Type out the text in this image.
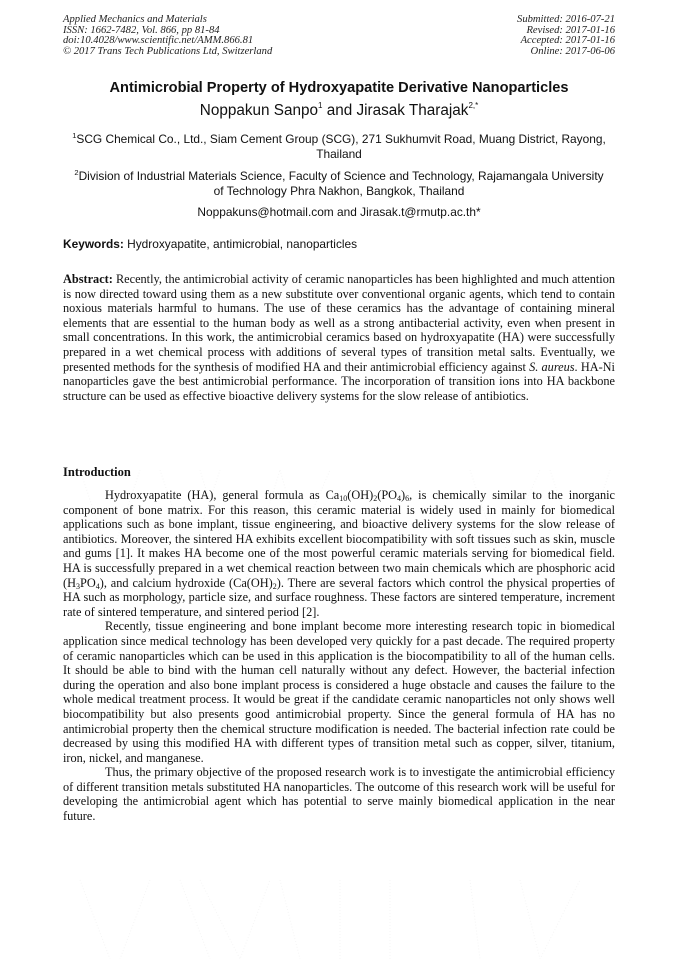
Applied Mechanics and Materials
ISSN: 1662-7482, Vol. 866, pp 81-84
doi:10.4028/www.scientific.net/AMM.866.81
© 2017 Trans Tech Publications Ltd, Switzerland
Submitted: 2016-07-21
Revised: 2017-01-16
Accepted: 2017-01-16
Online: 2017-06-06
Antimicrobial Property of Hydroxyapatite Derivative Nanoparticles
Noppakun Sanpo$^1$ and Jirasak Tharajak$^{2,*}$
$^1$SCG Chemical Co., Ltd., Siam Cement Group (SCG), 271 Sukhumvit Road, Muang District, Rayong, Thailand
$^2$Division of Industrial Materials Science, Faculty of Science and Technology, Rajamangala University of Technology Phra Nakhon, Bangkok, Thailand
Noppakuns@hotmail.com and Jirasak.t@rmutp.ac.th*
Keywords: Hydroxyapatite, antimicrobial, nanoparticles
Abstract: Recently, the antimicrobial activity of ceramic nanoparticles has been highlighted and much attention is now directed toward using them as a new substitute over conventional organic agents, which tend to contain noxious materials harmful to humans. The use of these ceramics has the advantage of containing mineral elements that are essential to the human body as well as a strong antibacterial activity, even when present in small concentrations. In this work, the antimicrobial ceramics based on hydroxyapatite (HA) were successfully prepared in a wet chemical process with additions of several types of transition metal salts. Eventually, we presented methods for the synthesis of modified HA and their antimicrobial efficiency against S. aureus. HA-Ni nanoparticles gave the best antimicrobial performance. The incorporation of transition ions into HA backbone structure can be used as effective bioactive delivery systems for the slow release of antibiotics.
Introduction

Hydroxyapatite (HA), general formula as $Ca_{10}(OH)_2(PO_4)_6$, is chemically similar to the inorganic component of bone matrix. For this reason, this ceramic material is widely used in mainly for biomedical applications such as bone implant, tissue engineering, and bioactive delivery systems for the slow release of antibiotics. Moreover, the sintered HA exhibits excellent biocompatibility with soft tissues such as skin, muscle and gums [1]. It makes HA become one of the most powerful ceramic materials serving for biomedical field. HA is successfully prepared in a wet chemical reaction between two main chemicals which are phosphoric acid $(H_3PO_4)$, and calcium hydroxide $(Ca(OH)_2)$. There are several factors which control the physical properties of HA such as morphology, particle size, and surface roughness. These factors are sintered temperature, increment rate of sintered temperature, and sintered period [2].

Recently, tissue engineering and bone implant become more interesting research topic in biomedical application since medical technology has been developed very quickly for a past decade. The required property of ceramic nanoparticles which can be used in this application is the biocompatibility to all of the human cells. It should be able to bind with the human cell naturally without any defect. However, the bacterial infection during the operation and also bone implant process is considered a huge obstacle and causes the failure to the whole medical treatment process. It would be great if the candidate ceramic nanoparticles not only shows well biocompatibility but also presents good antimicrobial property. Since the general formula of HA has no antimicrobial property then the chemical structure modification is needed. The bacterial infection rate could be decreased by using this modified HA with different types of transition metal such as copper, silver, titanium, iron, nickel, and manganese.

Thus, the primary objective of the proposed research work is to investigate the antimicrobial efficiency of different transition metals substituted HA nanoparticles. The outcome of this research work will be useful for developing the antimicrobial agent which has potential to serve mainly biomedical application in the near future.
